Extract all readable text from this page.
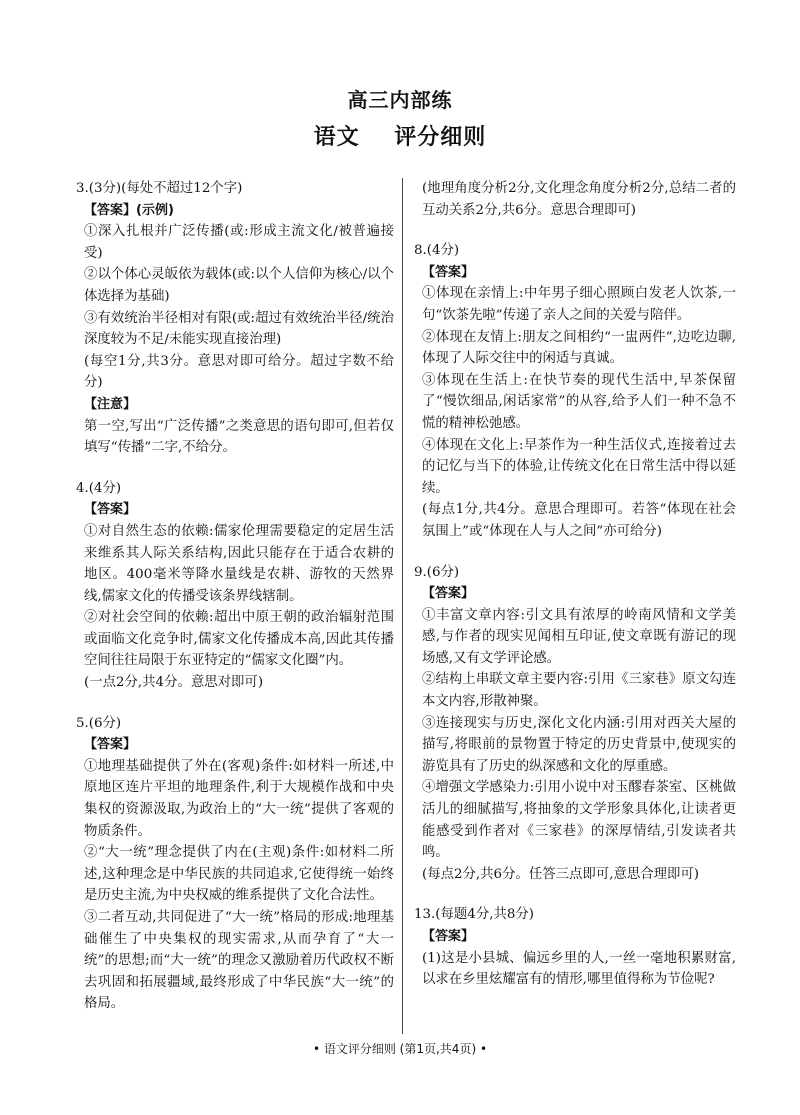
高三内部练
语文    评分细则

3.(3分)(每处不超过12个字)

【答案】(示例)

①深入扎根并广泛传播(或:形成主流文化/被普遍接受)

②以个体心灵皈依为载体(或:以个人信仰为核心/以个体选择为基础)

③有效统治半径相对有限(或:超过有效统治半径/统治深度较为不足/未能实现直接治理)

(每空1分,共3分。意思对即可给分。超过字数不给分)

【注意】

第一空,写出“广泛传播”之类意思的语句即可,但若仅填写“传播”二字,不给分。

4.(4分)

【答案】

①对自然生态的依赖:儒家伦理需要稳定的定居生活来维系其人际关系结构,因此只能存在于适合农耕的地区。400毫米等降水量线是农耕、游牧的天然界线,儒家文化的传播受该条界线辖制。

②对社会空间的依赖:超出中原王朝的政治辐射范围或面临文化竞争时,儒家文化传播成本高,因此其传播空间往往局限于东亚特定的“儒家文化圈”内。

(一点2分,共4分。意思对即可)

5.(6分)

【答案】

①地理基础提供了外在(客观)条件:如材料一所述,中原地区连片平坦的地理条件,利于大规模作战和中央集权的资源汲取,为政治上的“大一统”提供了客观的物质条件。

②“大一统”理念提供了内在(主观)条件:如材料二所述,这种理念是中华民族的共同追求,它使得统一始终是历史主流,为中央权威的维系提供了文化合法性。

③二者互动,共同促进了“大一统”格局的形成:地理基础催生了中央集权的现实需求,从而孕育了“大一统”的思想;而“大一统”的理念又激励着历代政权不断去巩固和拓展疆域,最终形成了中华民族“大一统”的格局。

(地理角度分析2分,文化理念角度分析2分,总结二者的互动关系2分,共6分。意思合理即可)

8.(4分)

【答案】

①体现在亲情上:中年男子细心照顾白发老人饮茶,一句“饮茶先啦”传递了亲人之间的关爱与陪伴。

②体现在友情上:朋友之间相约“一盅两件”,边吃边聊,体现了人际交往中的闲适与真诚。

③体现在生活上:在快节奏的现代生活中,早茶保留了“慢饮细品,闲话家常”的从容,给予人们一种不急不慌的精神松弛感。

④体现在文化上:早茶作为一种生活仪式,连接着过去的记忆与当下的体验,让传统文化在日常生活中得以延续。

(每点1分,共4分。意思合理即可。若答“体现在社会氛围上”或“体现在人与人之间”亦可给分)

9.(6分)

【答案】

①丰富文章内容:引文具有浓厚的岭南风情和文学美感,与作者的现实见闻相互印证,使文章既有游记的现场感,又有文学评论感。

②结构上串联文章主要内容:引用《三家巷》原文勾连本文内容,形散神聚。

③连接现实与历史,深化文化内涵:引用对西关大屋的描写,将眼前的景物置于特定的历史背景中,使现实的游览具有了历史的纵深感和文化的厚重感。

④增强文学感染力:引用小说中对玉醪春茶室、区桃做活儿的细腻描写,将抽象的文学形象具体化,让读者更能感受到作者对《三家巷》的深厚情结,引发读者共鸣。

(每点2分,共6分。任答三点即可,意思合理即可)

13.(每题4分,共8分)

【答案】

(1)这是小县城、偏远乡里的人,一丝一毫地积累财富,以求在乡里炫耀富有的情形,哪里值得称为节俭呢?

• 语文评分细则 (第1页,共4页) •
